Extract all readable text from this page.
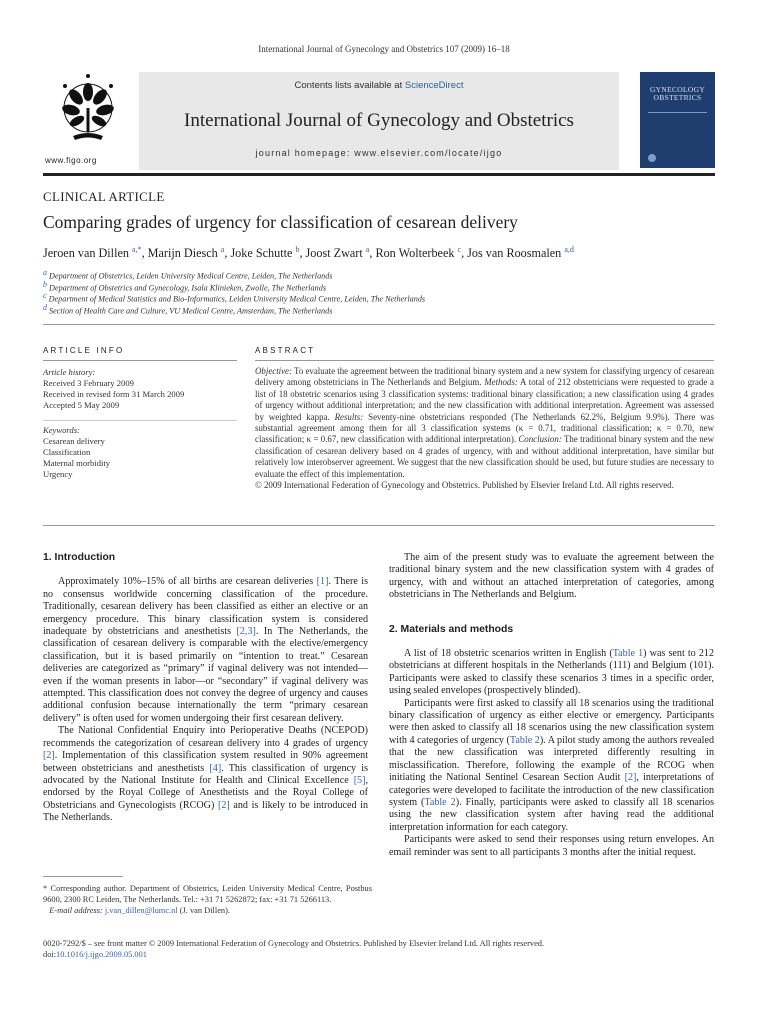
International Journal of Gynecology and Obstetrics 107 (2009) 16–18
www.figo.org
Contents lists available at ScienceDirect
International Journal of Gynecology and Obstetrics
journal homepage: www.elsevier.com/locate/ijgo
GYNECOLOGY OBSTETRICS
CLINICAL ARTICLE
Comparing grades of urgency for classification of cesarean delivery
Jeroen van Dillen $^{a,*}$, Marijn Diesch $^a$, Joke Schutte $^b$, Joost Zwart $^a$, Ron Wolterbeek $^c$, Jos van Roosmalen $^{a,d}$
$^a$ Department of Obstetrics, Leiden University Medical Centre, Leiden, The Netherlands
$^b$ Department of Obstetrics and Gynecology, Isala Klinieken, Zwolle, The Netherlands
$^c$ Department of Medical Statistics and Bio-Informatics, Leiden University Medical Centre, Leiden, The Netherlands
$^d$ Section of Health Care and Culture, VU Medical Centre, Amsterdam, The Netherlands
ARTICLE INFO
Article history:
Received 3 February 2009
Received in revised form 31 March 2009
Accepted 5 May 2009
Keywords:
Cesarean delivery
Classification
Maternal morbidity
Urgency
ABSTRACT
Objective: To evaluate the agreement between the traditional binary system and a new system for classifying urgency of cesarean delivery among obstetricians in The Netherlands and Belgium. Methods: A total of 212 obstetricians were requested to grade a list of 18 obstetric scenarios using 3 classification systems: traditional binary classification; a new classification using 4 grades of urgency without additional interpretation; and the new classification with additional interpretation. Agreement was assessed by weighted kappa. Results: Seventy-nine obstetricians responded (The Netherlands 62.2%, Belgium 9.9%). There was substantial agreement among them for all 3 classification systems (κ = 0.71, traditional classification; κ = 0.70, new classification; κ = 0.67, new classification with additional interpretation). Conclusion: The traditional binary system and the new classification of cesarean delivery based on 4 grades of urgency, with and without additional interpretation, have similar but relatively low interobserver agreement. We suggest that the new classification should be used, but future studies are necessary to evaluate the effect of this implementation.
© 2009 International Federation of Gynecology and Obstetrics. Published by Elsevier Ireland Ltd. All rights reserved.
1. Introduction

Approximately 10%–15% of all births are cesarean deliveries [1]. There is no consensus worldwide concerning classification of the procedure. Traditionally, cesarean delivery has been classified as either an elective or an emergency procedure. This binary classification system is considered inadequate by obstetricians and anesthetists [2,3]. In The Netherlands, the classification of cesarean delivery is comparable with the elective/emergency classification, but it is based primarily on “intention to treat.” Cesarean deliveries are categorized as “primary” if vaginal delivery was not intended—even if the woman presents in labor—or “secondary” if vaginal delivery was attempted. This classification does not convey the degree of urgency and causes additional confusion because internationally the term “primary cesarean delivery” is often used for women undergoing their first cesarean delivery.

The National Confidential Enquiry into Perioperative Deaths (NCEPOD) recommends the categorization of cesarean delivery into 4 grades of urgency [2]. Implementation of this classification system resulted in 90% agreement between obstetricians and anesthetists [4]. This classification of urgency is advocated by the National Institute for Health and Clinical Excellence [5], endorsed by the Royal College of Anesthetists and the Royal College of Obstetricians and Gynecologists (RCOG) [2] and is likely to be introduced in The Netherlands.

* Corresponding author. Department of Obstetrics, Leiden University Medical Centre, Postbus 9600, 2300 RC Leiden, The Netherlands. Tel.: +31 71 5262872; fax: +31 71 5266113.
E-mail address: j.van_dillen@lumc.nl (J. van Dillen).

The aim of the present study was to evaluate the agreement between the traditional binary system and the new classification system with 4 grades of urgency, with and without an attached interpretation of categories, among obstetricians in The Netherlands and Belgium.

2. Materials and methods

A list of 18 obstetric scenarios written in English (Table 1) was sent to 212 obstetricians at different hospitals in the Netherlands (111) and Belgium (101). Participants were asked to classify these scenarios 3 times in a specific order, using sealed envelopes (prospectively blinded).

Participants were first asked to classify all 18 scenarios using the traditional binary classification of urgency as either elective or emergency. Participants were then asked to classify all 18 scenarios using the new classification system with 4 categories of urgency (Table 2). A pilot study among the authors revealed that the new classification was interpreted differently resulting in misclassification. Therefore, following the example of the RCOG when initiating the National Sentinel Cesarean Section Audit [2], interpretations of categories were developed to facilitate the introduction of the new classification system (Table 2). Finally, participants were asked to classify all 18 scenarios using the new classification system after having read the additional interpretation information for each category.

Participants were asked to send their responses using return envelopes. An email reminder was sent to all participants 3 months after the initial request.

0020-7292/$ – see front matter © 2009 International Federation of Gynecology and Obstetrics. Published by Elsevier Ireland Ltd. All rights reserved.
doi:10.1016/j.ijgo.2009.05.001
